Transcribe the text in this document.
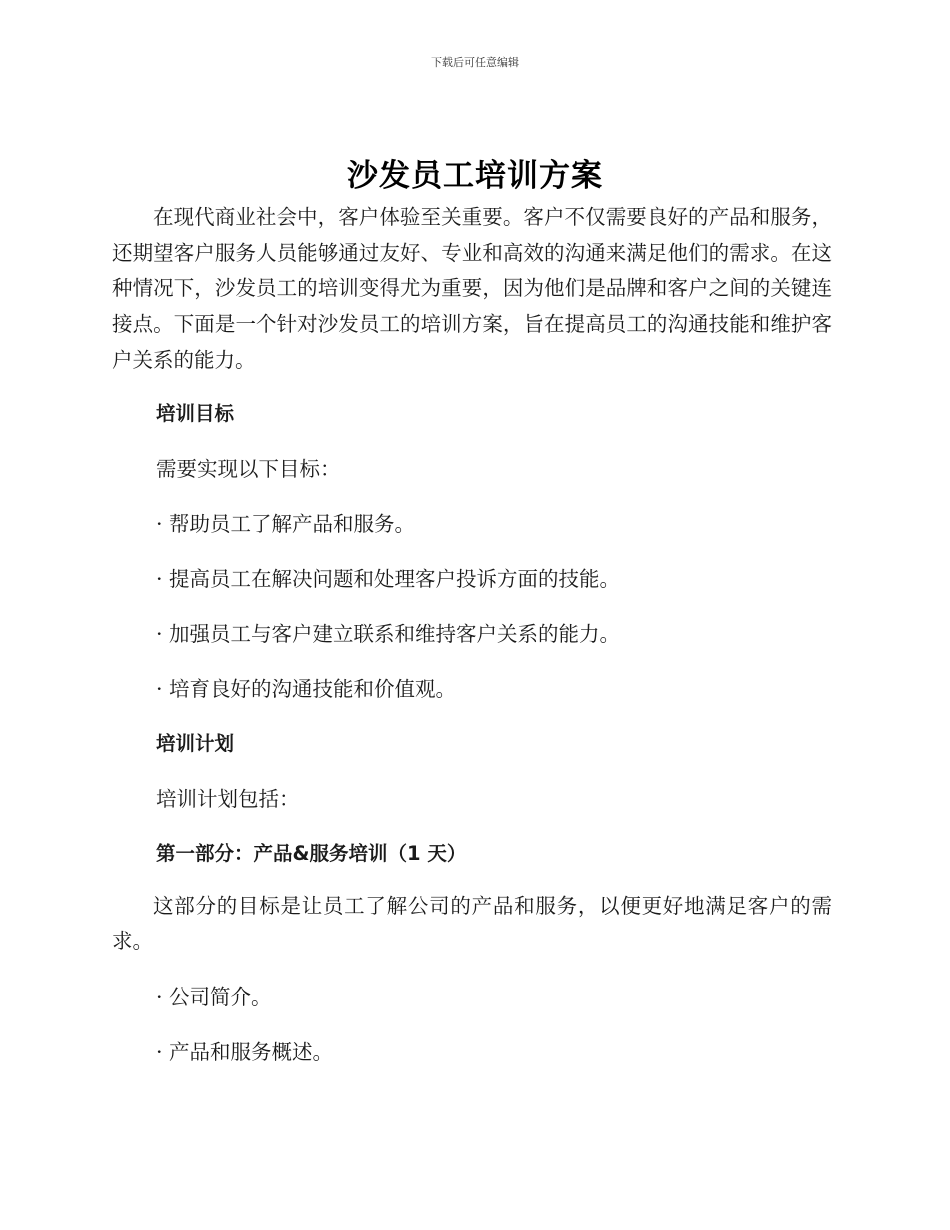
下载后可任意编辑
沙发员工培训方案

在现代商业社会中，客户体验至关重要。客户不仅需要良好的产品和服务，还期望客户服务人员能够通过友好、专业和高效的沟通来满足他们的需求。在这种情况下，沙发员工的培训变得尤为重要，因为他们是品牌和客户之间的关键连接点。下面是一个针对沙发员工的培训方案，旨在提高员工的沟通技能和维护客户关系的能力。

培训目标

需要实现以下目标：

· 帮助员工了解产品和服务。

· 提高员工在解决问题和处理客户投诉方面的技能。

· 加强员工与客户建立联系和维持客户关系的能力。

· 培育良好的沟通技能和价值观。

培训计划

培训计划包括：

第一部分：产品&服务培训（1 天）

这部分的目标是让员工了解公司的产品和服务，以便更好地满足客户的需求。

· 公司简介。

· 产品和服务概述。
